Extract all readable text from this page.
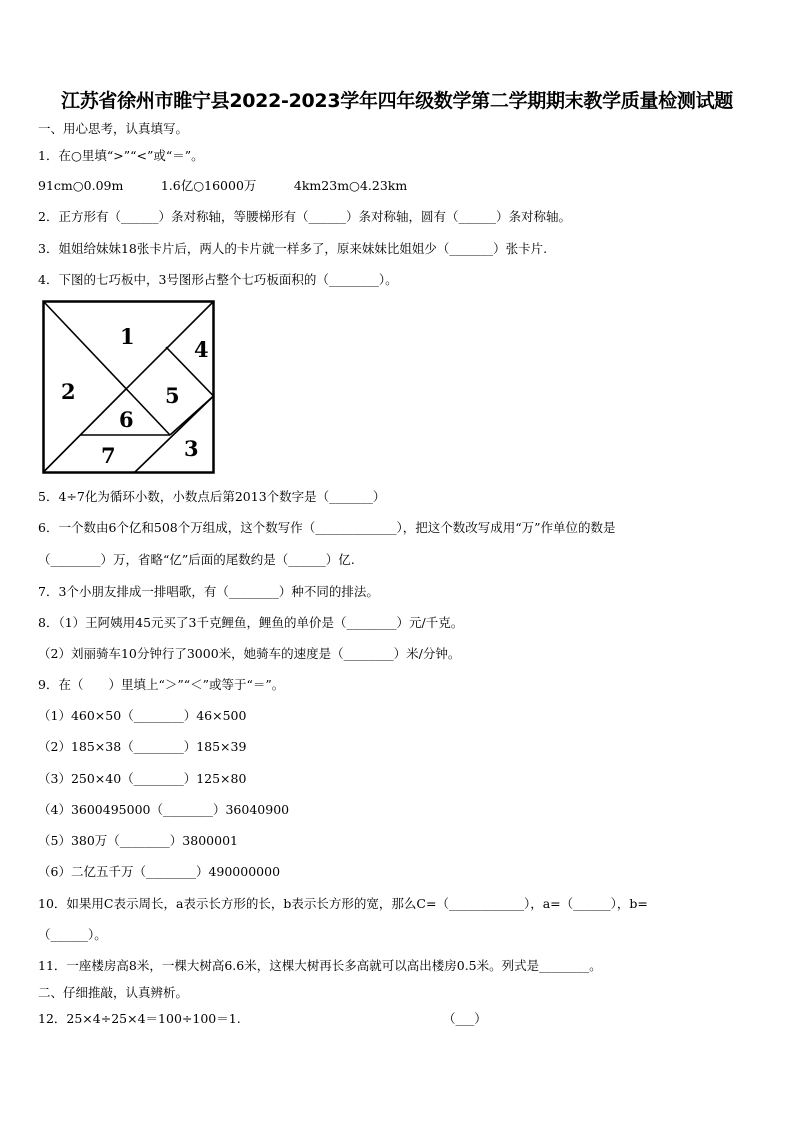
江苏省徐州市睢宁县2022-2023学年四年级数学第二学期期末教学质量检测试题
一、用心思考，认真填写。
1．在○里填“>”“<”或“＝”。
91cm○0.09m　　　1.6亿○16000万　　　4km23m○4.23km
2．正方形有（______）条对称轴，等腰梯形有（______）条对称轴，圆有（______）条对称轴。
3．姐姐给妹妹18张卡片后，两人的卡片就一样多了，原来妹妹比姐姐少（_______）张卡片.
4．下图的七巧板中，3号图形占整个七巧板面积的（________）。
1
2
3
4
5
6
7
5．4÷7化为循环小数，小数点后第2013个数字是（_______）
6．一个数由6个亿和508个万组成，这个数写作（_____________），把这个数改写成用“万”作单位的数是
（________）万，省略“亿”后面的尾数约是（______）亿.
7．3个小朋友排成一排唱歌，有（________）种不同的排法。
8．（1）王阿姨用45元买了3千克鲤鱼，鲤鱼的单价是（________）元/千克。
（2）刘丽骑车10分钟行了3000米，她骑车的速度是（________）米/分钟。
9．在（　　）里填上“＞”“＜”或等于“＝”。
（1）460×50（________）46×500
（2）185×38（________）185×39
（3）250×40（________）125×80
（4）3600495000（________）36040900
（5）380万（________）3800001
（6）二亿五千万（________）490000000
10．如果用C表示周长，a表示长方形的长，b表示长方形的宽，那么C=（____________），a=（______），b=
（______）。
11．一座楼房高8米，一棵大树高6.6米，这棵大树再长多高就可以高出楼房0.5米。列式是________。
二、仔细推敲，认真辨析。
12．25×4÷25×4＝100÷100＝1.	（___）
